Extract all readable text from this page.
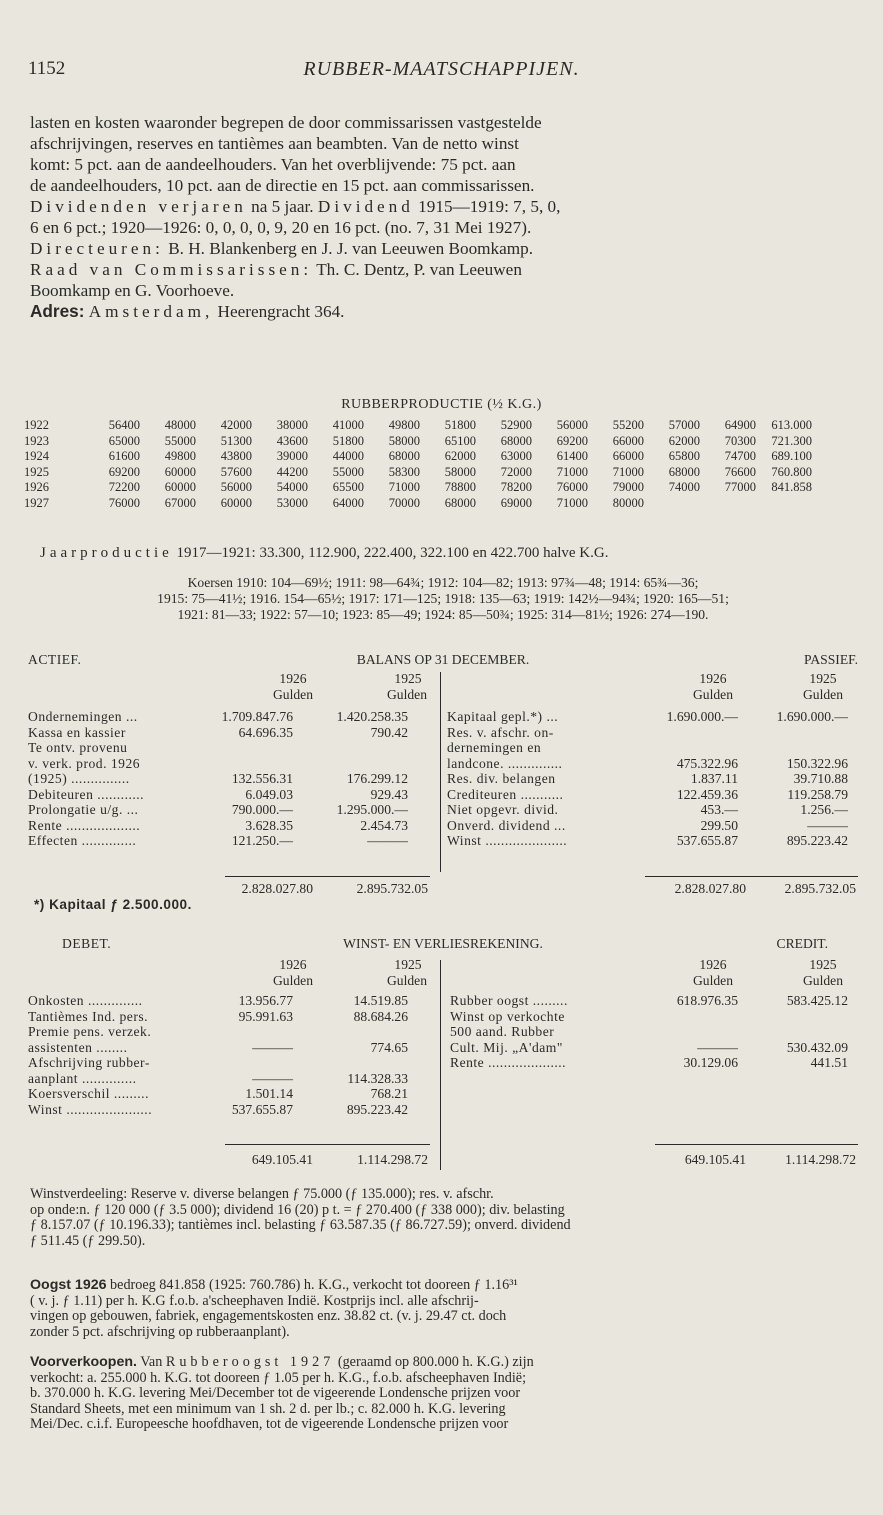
1152	RUBBER-MAATSCHAPPIJEN.
lasten en kosten waaronder begrepen de door commissarissen vastgestelde
afschrijvingen, reserves en tantièmes aan beambten. Van de netto winst
komt: 5 pct. aan de aandeelhouders. Van het overblijvende: 75 pct. aan
de aandeelhouders, 10 pct. aan de directie en 15 pct. aan commissarissen.
Dividenden verjaren na 5 jaar. Dividend 1915—1919: 7, 5, 0,
6 en 6 pct.; 1920—1926: 0, 0, 0, 0, 9, 20 en 16 pct. (no. 7, 31 Mei 1927).
Directeuren: B. H. Blankenberg en J. J. van Leeuwen Boomkamp.
Raad van Commissarissen: Th. C. Dentz, P. van Leeuwen
Boomkamp en G. Voorhoeve.
Adres: Amsterdam, Heerengracht 364.
RUBBERPRODUCTIE (½ K.G.)
1922	56400	48000	42000	38000	41000	49800	51800	52900	56000	55200	57000	64900	613.000
1923	65000	55000	51300	43600	51800	58000	65100	68000	69200	66000	62000	70300	721.300
1924	61600	49800	43800	39000	44000	68000	62000	63000	61400	66000	65800	74700	689.100
1925	69200	60000	57600	44200	55000	58300	58000	72000	71000	71000	68000	76600	760.800
1926	72200	60000	56000	54000	65500	71000	78800	78200	76000	79000	74000	77000	841.858
1927	76000	67000	60000	53000	64000	70000	68000	69000	71000	80000			
Jaarproductie 1917—1921: 33.300, 112.900, 222.400, 322.100 en 422.700 halve K.G.
Koersen 1910: 104—69½; 1911: 98—64¾; 1912: 104—82; 1913: 97¾—48; 1914: 65¾—36;
1915: 75—41½; 1916. 154—65½; 1917: 171—125; 1918: 135—63; 1919: 142½—94¾; 1920: 165—51;
1921: 81—33; 1922: 57—10; 1923: 85—49; 1924: 85—50¾; 1925: 314—81½; 1926: 274—190.
ACTIEF.	BALANS OP 31 DECEMBER.	PASSIEF.
1926	1925	1926	1925
Gulden	Gulden	Gulden	Gulden
Ondernemingen ...	1.709.847.76	1.420.258.35
Kassa en kassier	64.696.35	790.42
Te ontv. provenu
v. verk. prod. 1926
(1925) ...............	132.556.31	176.299.12
Debiteuren ............	6.049.03	929.43
Prolongatie u/g. ...	790.000.—	1.295.000.—
Rente ...................	3.628.35	2.454.73
Effecten ..............	121.250.—	———
Kapitaal gepl.*) ...	1.690.000.—	1.690.000.—
Res. v. afschr. on-
dernemingen en
landcone. ..............	475.322.96	150.322.96
Res. div. belangen	1.837.11	39.710.88
Crediteuren ...........	122.459.36	119.258.79
Niet opgevr. divid.	453.—	1.256.—
Onverd. dividend ...	299.50	———
Winst .....................	537.655.87	895.223.42
2.828.027.80	2.895.732.05	2.828.027.80	2.895.732.05
*) Kapitaal ƒ 2.500.000.
DEBET.	WINST- EN VERLIESREKENING.	CREDIT.
1926	1925	1926	1925
Gulden	Gulden	Gulden	Gulden
Onkosten ..............	13.956.77	14.519.85
Tantièmes Ind. pers.	95.991.63	88.684.26
Premie pens. verzek.
assistenten ........	———	774.65
Afschrijving rubber-
aanplant ..............	———	114.328.33
Koersverschil .........	1.501.14	768.21
Winst ......................	537.655.87	895.223.42
Rubber oogst .........	618.976.35	583.425.12
Winst op verkochte
500 aand. Rubber
Cult. Mij. „A'dam"	———	530.432.09
Rente ....................	30.129.06	441.51
649.105.41	1.114.298.72	649.105.41	1.114.298.72
Winstverdeeling: Reserve v. diverse belangen ƒ 75.000 (ƒ 135.000); res. v. afschr.
op onde:n. ƒ 120 000 (ƒ 3.5 000); dividend 16 (20) p t. = ƒ 270.400 (ƒ 338 000); div. belasting
ƒ 8.157.07 (ƒ 10.196.33); tantièmes incl. belasting ƒ 63.587.35 (ƒ 86.727.59); onverd. dividend
ƒ 511.45 (ƒ 299.50).
Oogst 1926 bedroeg 841.858 (1925: 760.786) h. K.G., verkocht tot dooreen ƒ 1.16³¹
( v. j. ƒ 1.11) per h. K.G f.o.b. a'scheephaven Indië. Kostprijs incl. alle afschrij-
vingen op gebouwen, fabriek, engagementskosten enz. 38.82 ct. (v. j. 29.47 ct. doch
zonder 5 pct. afschrijving op rubberaanplant).
Voorverkoopen. Van Rubberoogst 1927 (geraamd op 800.000 h. K.G.) zijn
verkocht: a. 255.000 h. K.G. tot dooreen ƒ 1.05 per h. K.G., f.o.b. afscheephaven Indië;
b. 370.000 h. K.G. levering Mei/December tot de vigeerende Londensche prijzen voor
Standard Sheets, met een minimum van 1 sh. 2 d. per lb.; c. 82.000 h. K.G. levering
Mei/Dec. c.i.f. Europeesche hoofdhaven, tot de vigeerende Londensche prijzen voor
